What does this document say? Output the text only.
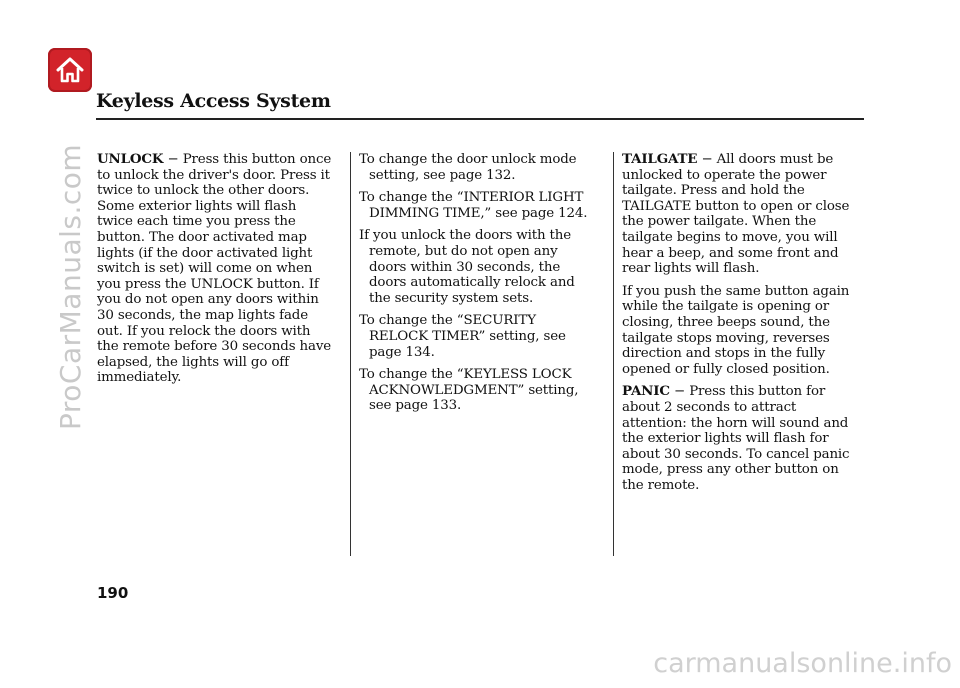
Keyless Access System

UNLOCK − Press this button once to unlock the driver's door. Press it twice to unlock the other doors. Some exterior lights will flash twice each time you press the button. The door activated map lights (if the door activated light switch is set) will come on when you press the UNLOCK button. If you do not open any doors within 30 seconds, the map lights fade out. If you relock the doors with the remote before 30 seconds have elapsed, the lights will go off immediately.

To change the door unlock mode setting, see page 132.

To change the “INTERIOR LIGHT DIMMING TIME,” see page 124.

If you unlock the doors with the remote, but do not open any doors within 30 seconds, the doors automatically relock and the security system sets.

To change the “SECURITY RELOCK TIMER” setting, see page 134.

To change the “KEYLESS LOCK ACKNOWLEDGMENT” setting, see page 133.

TAILGATE − All doors must be unlocked to operate the power tailgate. Press and hold the TAILGATE button to open or close the power tailgate. When the tailgate begins to move, you will hear a beep, and some front and rear lights will flash.

If you push the same button again while the tailgate is opening or closing, three beeps sound, the tailgate stops moving, reverses direction and stops in the fully opened or fully closed position.

PANIC − Press this button for about 2 seconds to attract attention: the horn will sound and the exterior lights will flash for about 30 seconds. To cancel panic mode, press any other button on the remote.

190

ProCarManuals.com
carmanualsonline.info
